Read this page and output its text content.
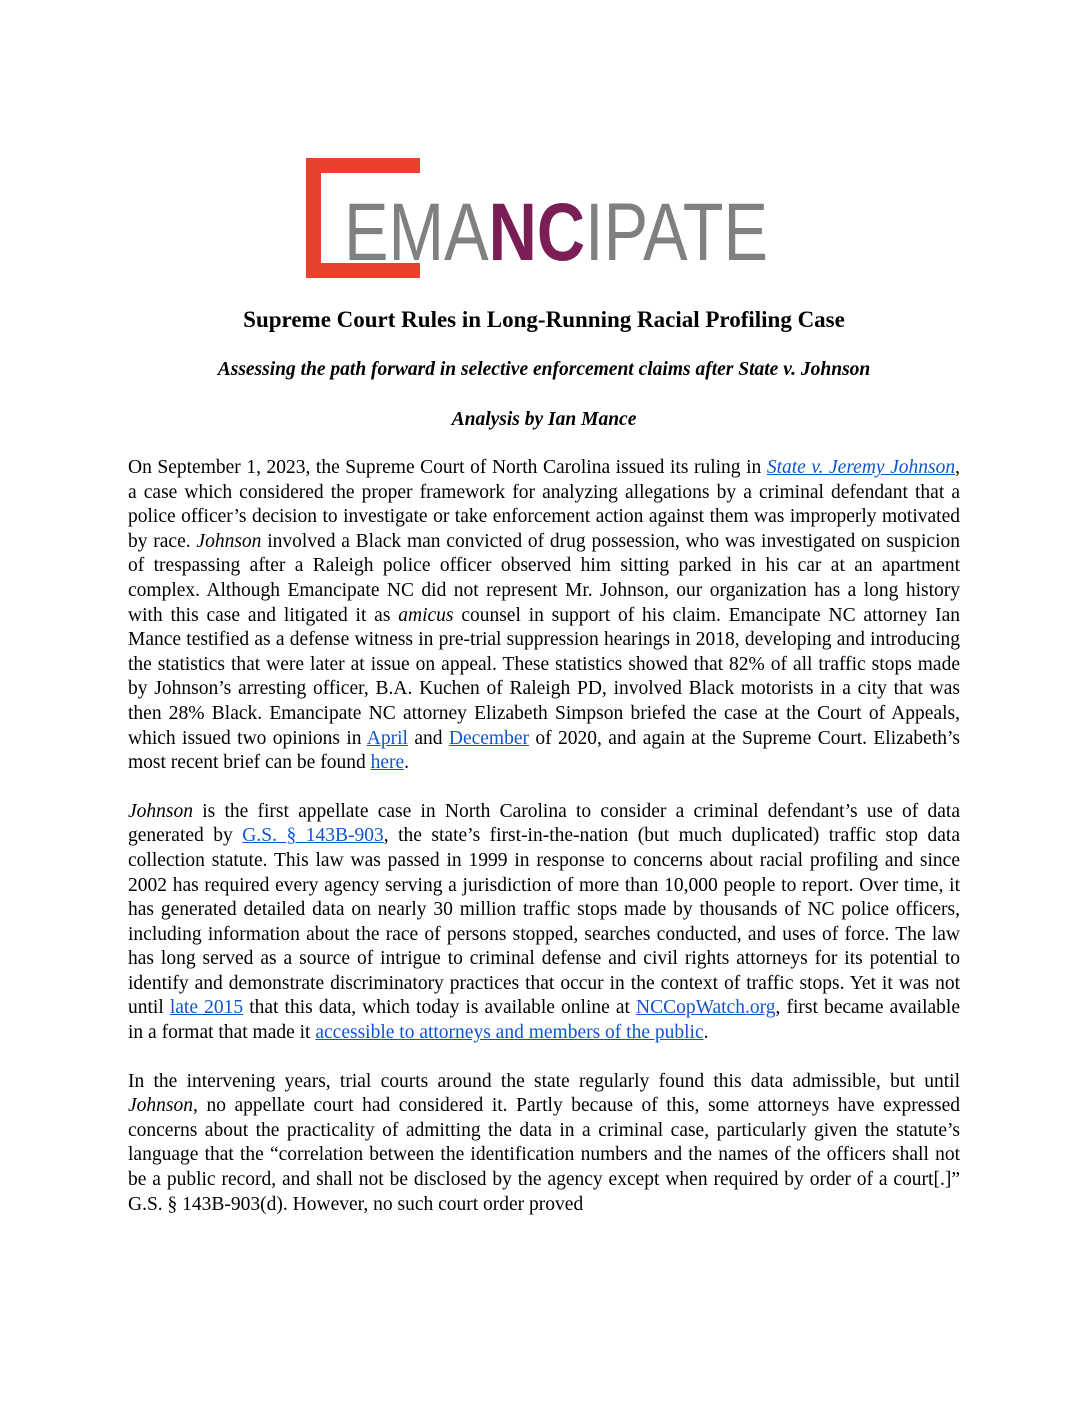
EMANCIPATE
Supreme Court Rules in Long-Running Racial Profiling Case
Assessing the path forward in selective enforcement claims after State v. Johnson
Analysis by Ian Mance

On September 1, 2023, the Supreme Court of North Carolina issued its ruling in State v. Jeremy Johnson, a case which considered the proper framework for analyzing allegations by a criminal defendant that a police officer’s decision to investigate or take enforcement action against them was improperly motivated by race. Johnson involved a Black man convicted of drug possession, who was investigated on suspicion of trespassing after a Raleigh police officer observed him sitting parked in his car at an apartment complex. Although Emancipate NC did not represent Mr. Johnson, our organization has a long history with this case and litigated it as amicus counsel in support of his claim. Emancipate NC attorney Ian Mance testified as a defense witness in pre-trial suppression hearings in 2018, developing and introducing the statistics that were later at issue on appeal. These statistics showed that 82% of all traffic stops made by Johnson’s arresting officer, B.A. Kuchen of Raleigh PD, involved Black motorists in a city that was then 28% Black. Emancipate NC attorney Elizabeth Simpson briefed the case at the Court of Appeals, which issued two opinions in April and December of 2020, and again at the Supreme Court. Elizabeth’s most recent brief can be found here.

Johnson is the first appellate case in North Carolina to consider a criminal defendant’s use of data generated by G.S. § 143B-903, the state’s first-in-the-nation (but much duplicated) traffic stop data collection statute. This law was passed in 1999 in response to concerns about racial profiling and since 2002 has required every agency serving a jurisdiction of more than 10,000 people to report. Over time, it has generated detailed data on nearly 30 million traffic stops made by thousands of NC police officers, including information about the race of persons stopped, searches conducted, and uses of force. The law has long served as a source of intrigue to criminal defense and civil rights attorneys for its potential to identify and demonstrate discriminatory practices that occur in the context of traffic stops. Yet it was not until late 2015 that this data, which today is available online at NCCopWatch.org, first became available in a format that made it accessible to attorneys and members of the public.

In the intervening years, trial courts around the state regularly found this data admissible, but until Johnson, no appellate court had considered it. Partly because of this, some attorneys have expressed concerns about the practicality of admitting the data in a criminal case, particularly given the statute’s language that the “correlation between the identification numbers and the names of the officers shall not be a public record, and shall not be disclosed by the agency except when required by order of a court[.]” G.S. § 143B-903(d). However, no such court order proved
